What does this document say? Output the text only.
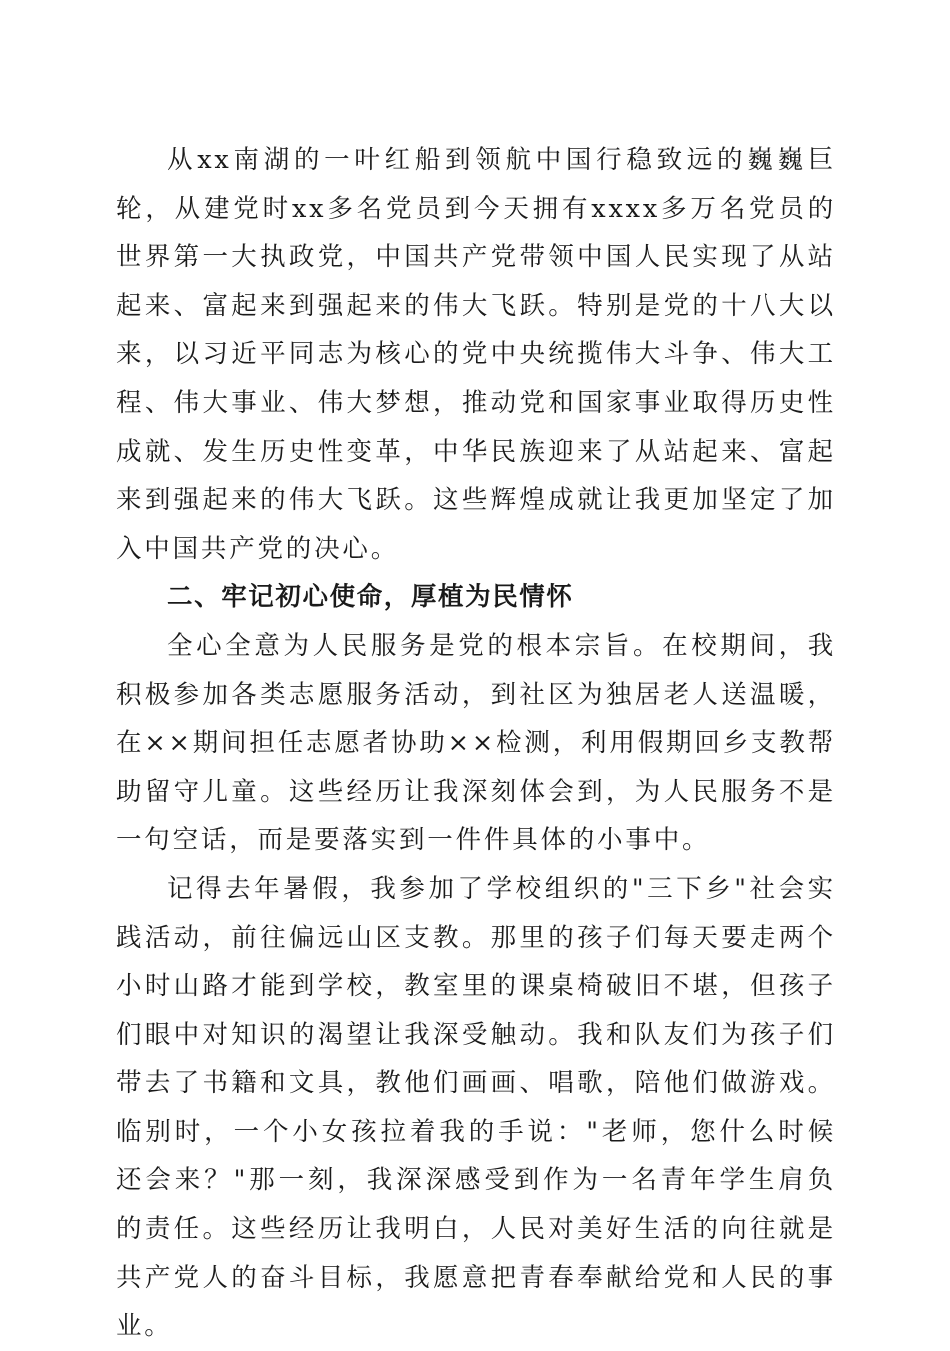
从xx南湖的一叶红船到领航中国行稳致远的巍巍巨轮，从建党时xx多名党员到今天拥有xxxx多万名党员的世界第一大执政党，中国共产党带领中国人民实现了从站起来、富起来到强起来的伟大飞跃。特别是党的十八大以来，以习近平同志为核心的党中央统揽伟大斗争、伟大工程、伟大事业、伟大梦想，推动党和国家事业取得历史性成就、发生历史性变革，中华民族迎来了从站起来、富起来到强起来的伟大飞跃。这些辉煌成就让我更加坚定了加入中国共产党的决心。

二、牢记初心使命，厚植为民情怀

全心全意为人民服务是党的根本宗旨。在校期间，我积极参加各类志愿服务活动，到社区为独居老人送温暖，在××期间担任志愿者协助××检测，利用假期回乡支教帮助留守儿童。这些经历让我深刻体会到，为人民服务不是一句空话，而是要落实到一件件具体的小事中。

记得去年暑假，我参加了学校组织的"三下乡"社会实践活动，前往偏远山区支教。那里的孩子们每天要走两个小时山路才能到学校，教室里的课桌椅破旧不堪，但孩子们眼中对知识的渴望让我深受触动。我和队友们为孩子们带去了书籍和文具，教他们画画、唱歌，陪他们做游戏。临别时，一个小女孩拉着我的手说："老师，您什么时候还会来？"那一刻，我深深感受到作为一名青年学生肩负的责任。这些经历让我明白，人民对美好生活的向往就是共产党人的奋斗目标，我愿意把青春奉献给党和人民的事业。
